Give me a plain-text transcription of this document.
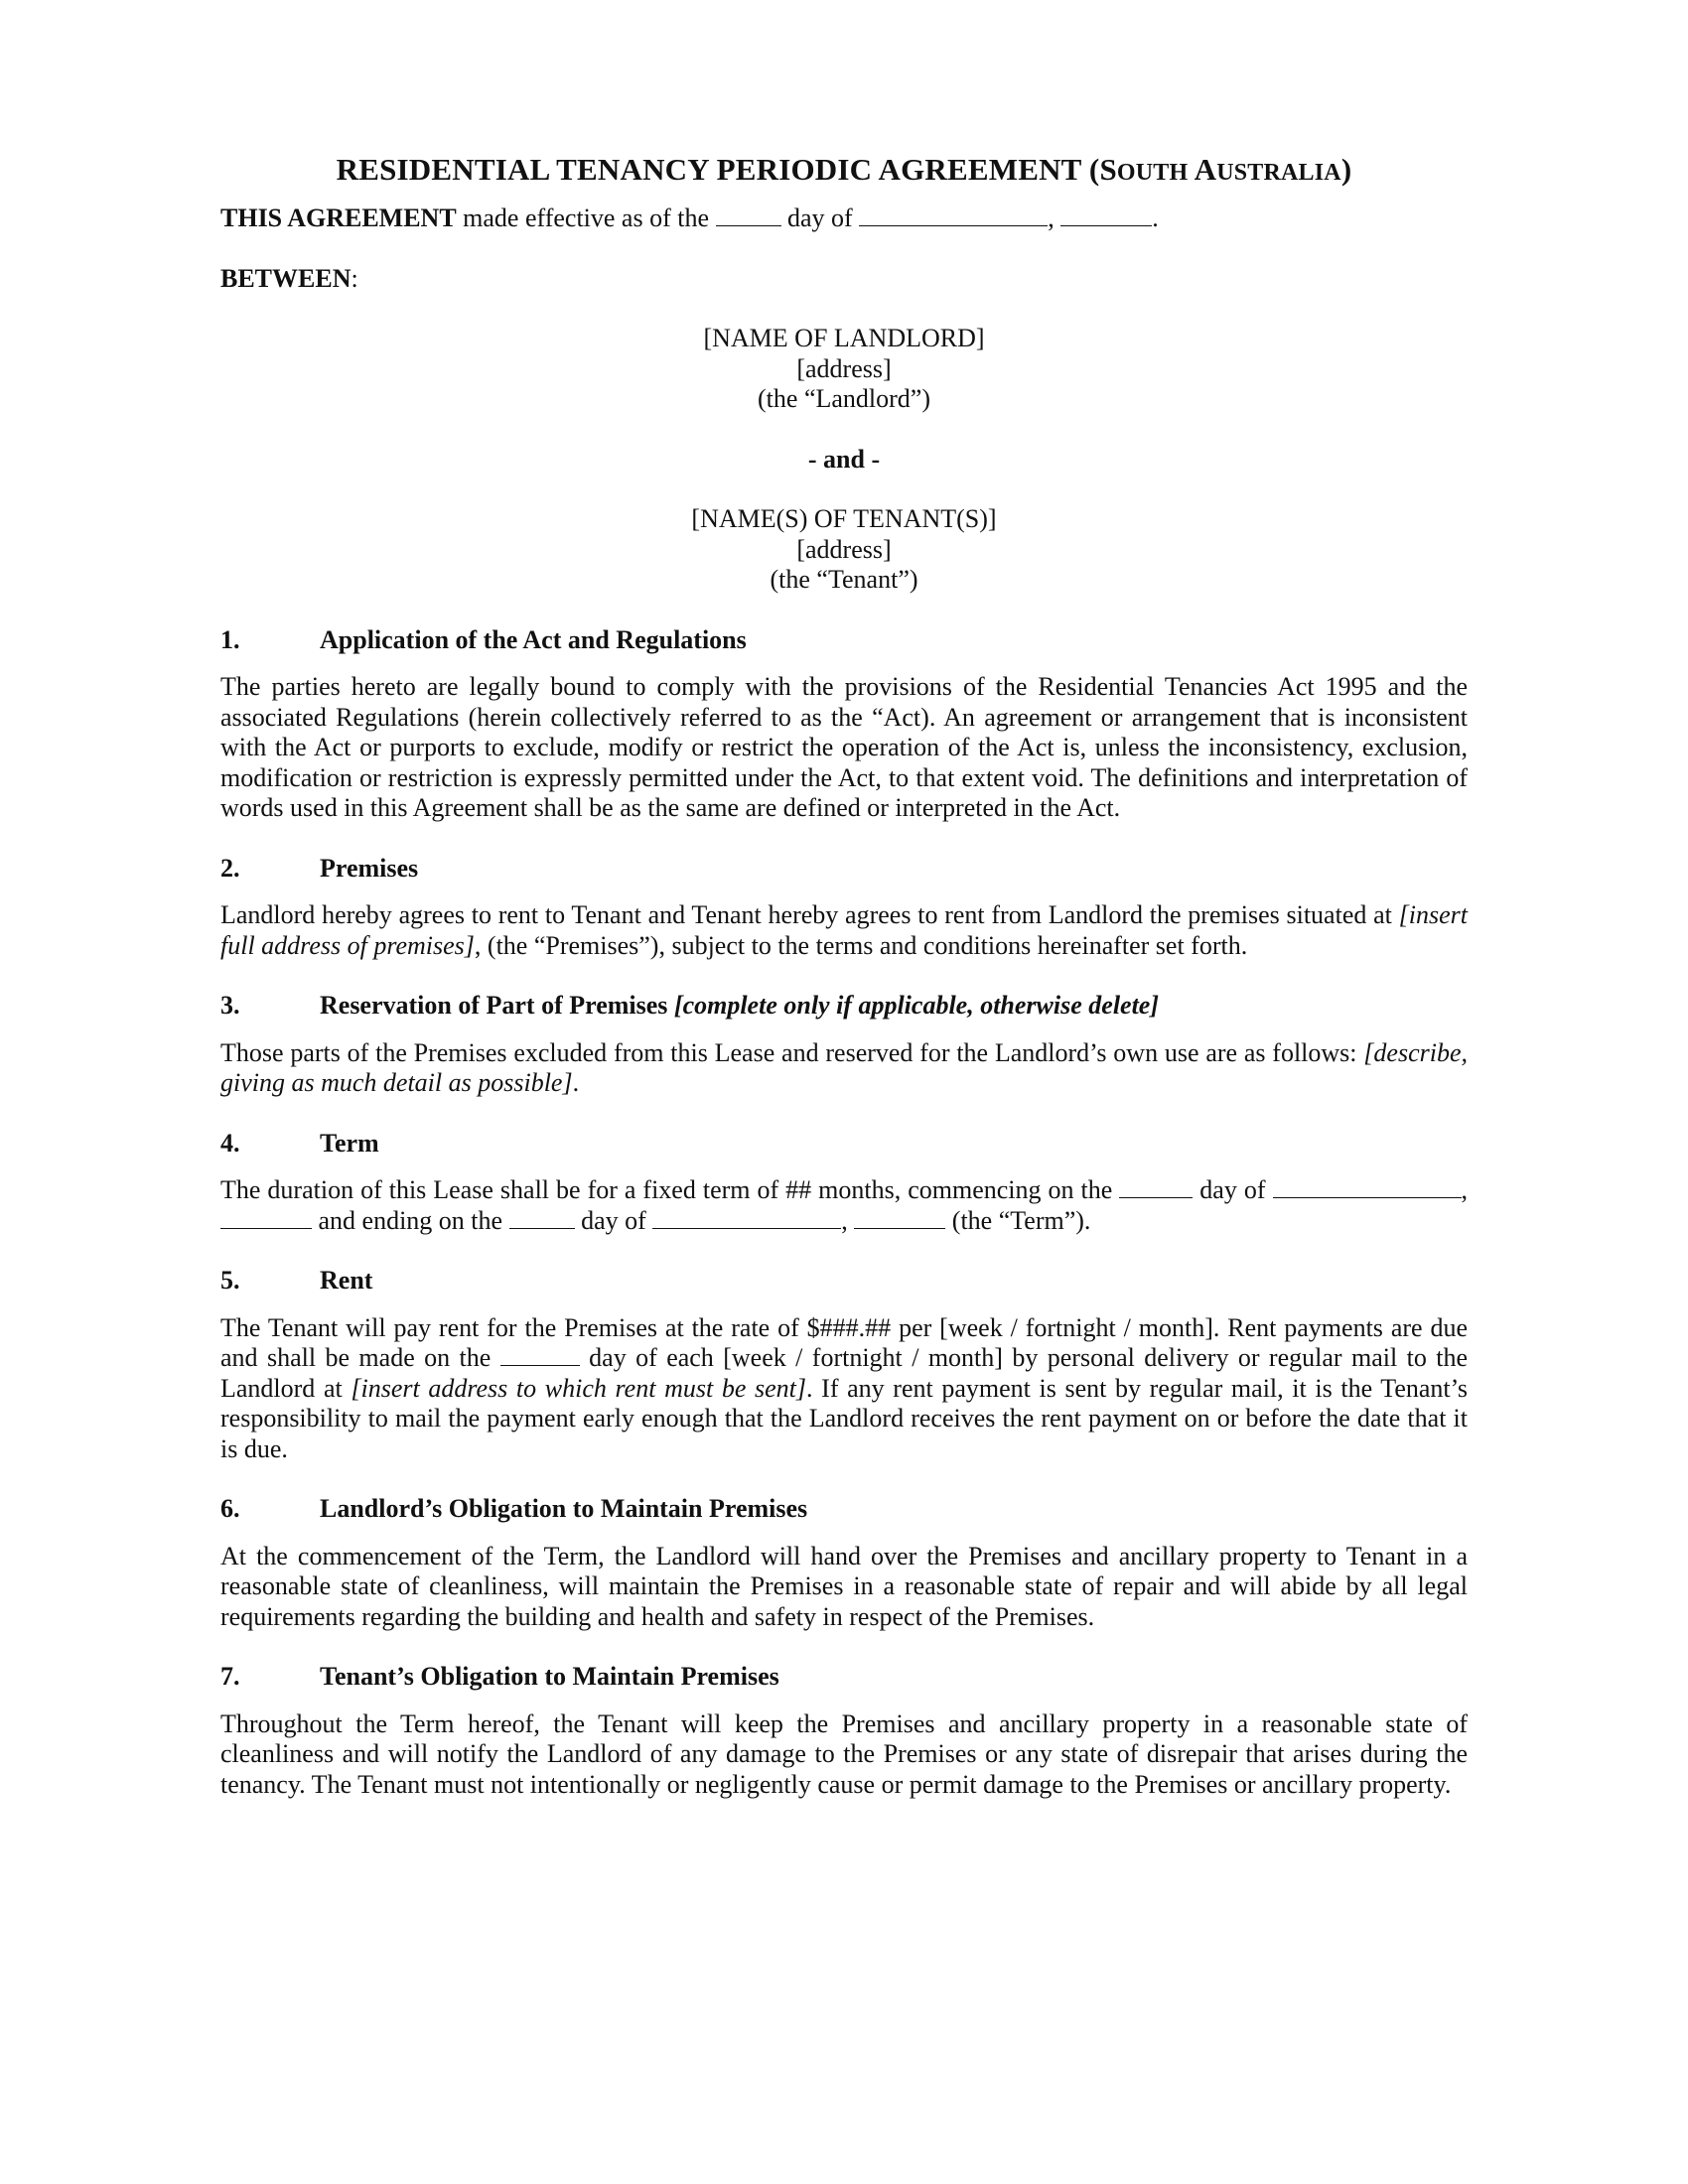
RESIDENTIAL TENANCY PERIODIC AGREEMENT (SOUTH AUSTRALIA)

THIS AGREEMENT made effective as of the	day of	,	.

BETWEEN:

[NAME OF LANDLORD]
[address]
(the “Landlord”)
- and -
[NAME(S) OF TENANT(S)]
[address]
(the “Tenant”)
1.	Application of the Act and Regulations

The parties hereto are legally bound to comply with the provisions of the Residential Tenancies Act 1995 and the associated Regulations (herein collectively referred to as the “Act). An agreement or arrangement that is inconsistent with the Act or purports to exclude, modify or restrict the operation of the Act is, unless the inconsistency, exclusion, modification or restriction is expressly permitted under the Act, to that extent void. The definitions and interpretation of words used in this Agreement shall be as the same are defined or interpreted in the Act.

2.	Premises

Landlord hereby agrees to rent to Tenant and Tenant hereby agrees to rent from Landlord the premises situated at [insert full address of premises], (the “Premises”), subject to the terms and conditions hereinafter set forth.

3.	Reservation of Part of Premises [complete only if applicable, otherwise delete]

Those parts of the Premises excluded from this Lease and reserved for the Landlord’s own use are as follows: [describe, giving as much detail as possible].

4.	Term

The duration of this Lease shall be for a fixed term of ## months, commencing on the	day of	,  and ending on the	day of	,	(the “Term”).

5.	Rent

The Tenant will pay rent for the Premises at the rate of $###.## per [week / fortnight / month]. Rent payments are due and shall be made on the	day of each [week / fortnight / month] by personal delivery or regular mail to the Landlord at [insert address to which rent must be sent]. If any rent payment is sent by regular mail, it is the Tenant’s responsibility to mail the payment early enough that the Landlord receives the rent payment on or before the date that it is due.

6.	Landlord’s Obligation to Maintain Premises

At the commencement of the Term, the Landlord will hand over the Premises and ancillary property to Tenant in a reasonable state of cleanliness, will maintain the Premises in a reasonable state of repair and will abide by all legal requirements regarding the building and health and safety in respect of the Premises.

7.	Tenant’s Obligation to Maintain Premises

Throughout the Term hereof, the Tenant will keep the Premises and ancillary property in a reasonable state of cleanliness and will notify the Landlord of any damage to the Premises or any state of disrepair that arises during the tenancy. The Tenant must not intentionally or negligently cause or permit damage to the Premises or ancillary property.
